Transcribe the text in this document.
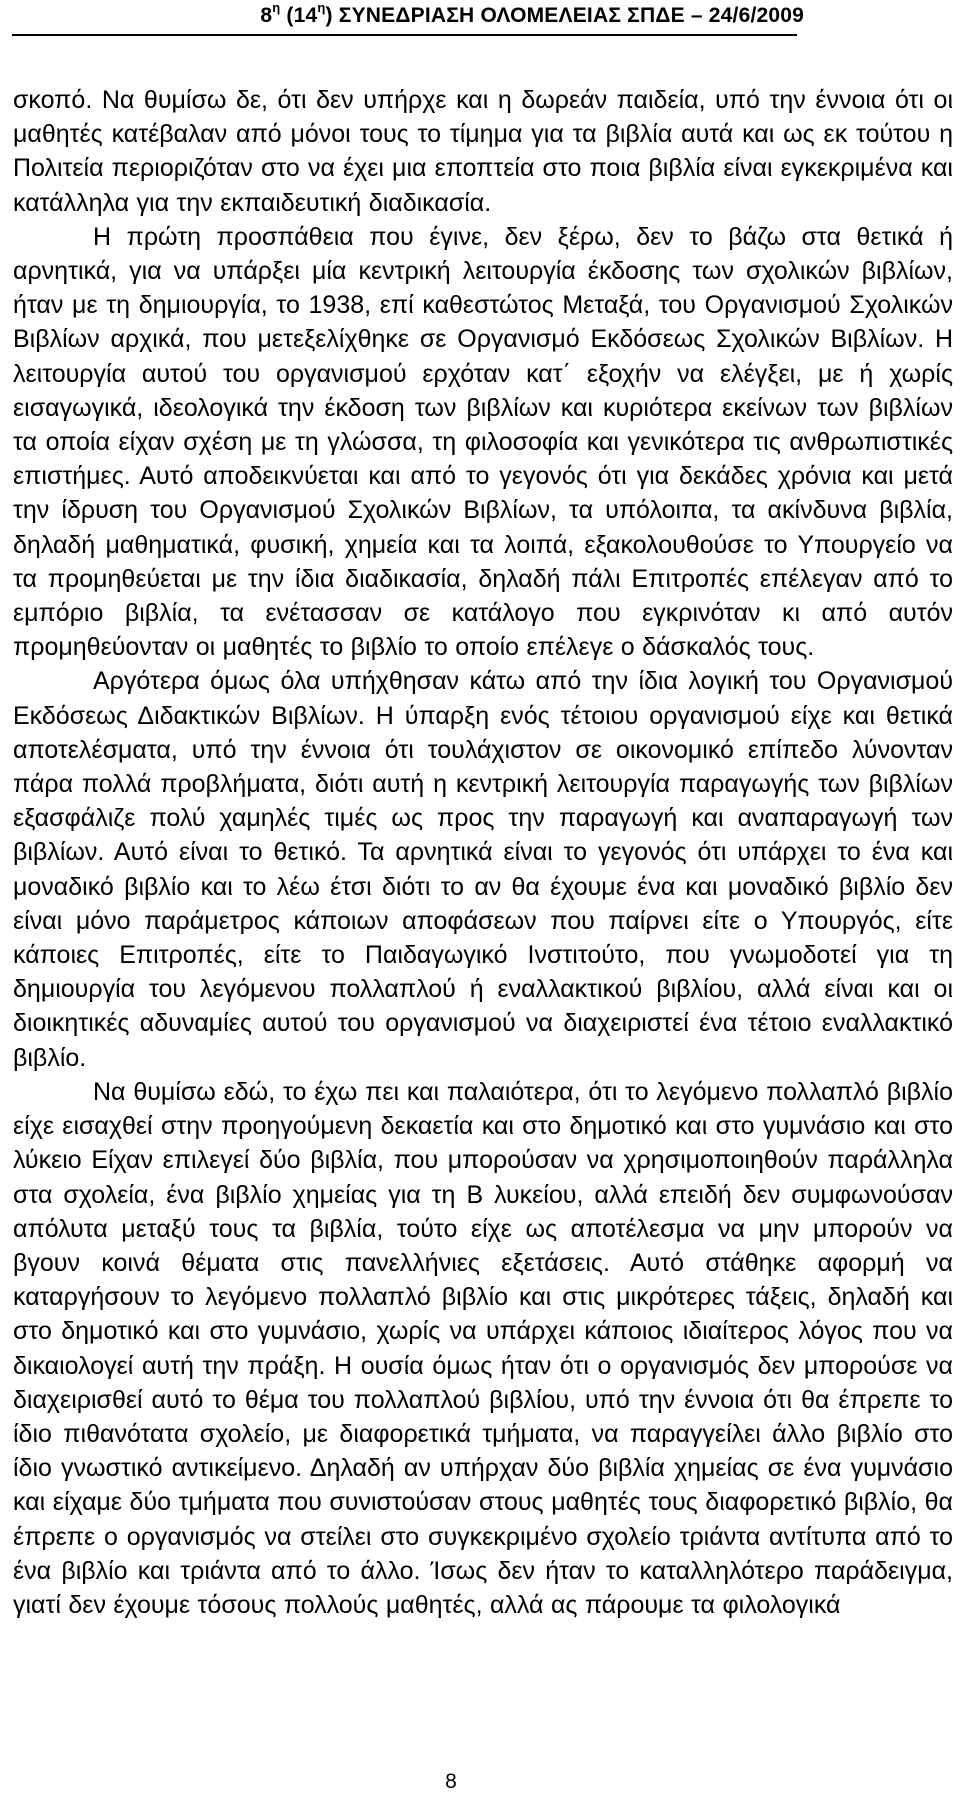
$8^\eta$ $(14^\eta)$ ΣΥΝΕΔΡΙΑΣΗ ΟΛΟΜΕΛΕΙΑΣ ΣΠΔΕ – 24/6/2009

σκοπό. Να θυμίσω δε, ότι δεν υπήρχε και η δωρεάν παιδεία, υπό την έννοια ότι οι μαθητές κατέβαλαν από μόνοι τους το τίμημα για τα βιβλία αυτά και ως εκ τούτου η Πολιτεία περιοριζόταν στο να έχει μια εποπτεία στο ποια βιβλία είναι εγκεκριμένα και κατάλληλα για την εκπαιδευτική διαδικασία.

Η πρώτη προσπάθεια που έγινε, δεν ξέρω, δεν το βάζω στα θετικά ή αρνητικά, για να υπάρξει μία κεντρική λειτουργία έκδοσης των σχολικών βιβλίων, ήταν με τη δημιουργία, το 1938, επί καθεστώτος Μεταξά, του Οργανισμού Σχολικών Βιβλίων αρχικά, που μετεξελίχθηκε σε Οργανισμό Εκδόσεως Σχολικών Βιβλίων. Η λειτουργία αυτού του οργανισμού ερχόταν κατ΄ εξοχήν να ελέγξει, με ή χωρίς εισαγωγικά, ιδεολογικά την έκδοση των βιβλίων και κυριότερα εκείνων των βιβλίων τα οποία είχαν σχέση με τη γλώσσα, τη φιλοσοφία και γενικότερα τις ανθρωπιστικές επιστήμες. Αυτό αποδεικνύεται και από το γεγονός ότι για δεκάδες χρόνια και μετά την ίδρυση του Οργανισμού Σχολικών Βιβλίων, τα υπόλοιπα, τα ακίνδυνα βιβλία, δηλαδή μαθηματικά, φυσική, χημεία και τα λοιπά, εξακολουθούσε το Υπουργείο να τα προμηθεύεται με την ίδια διαδικασία, δηλαδή πάλι Επιτροπές επέλεγαν από το εμπόριο βιβλία, τα ενέτασσαν σε κατάλογο που εγκρινόταν κι από αυτόν προμηθεύονταν οι μαθητές το βιβλίο το οποίο επέλεγε ο δάσκαλός τους.

Αργότερα όμως όλα υπήχθησαν κάτω από την ίδια λογική του Οργανισμού Εκδόσεως Διδακτικών Βιβλίων. Η ύπαρξη ενός τέτοιου οργανισμού είχε και θετικά αποτελέσματα, υπό την έννοια ότι τουλάχιστον σε οικονομικό επίπεδο λύνονταν πάρα πολλά προβλήματα, διότι αυτή η κεντρική λειτουργία παραγωγής των βιβλίων εξασφάλιζε πολύ χαμηλές τιμές ως προς την παραγωγή και αναπαραγωγή των βιβλίων. Αυτό είναι το θετικό. Τα αρνητικά είναι το γεγονός ότι υπάρχει το ένα και μοναδικό βιβλίο και το λέω έτσι διότι το αν θα έχουμε ένα και μοναδικό βιβλίο δεν είναι μόνο παράμετρος κάποιων αποφάσεων που παίρνει είτε ο Υπουργός, είτε κάποιες Επιτροπές, είτε το Παιδαγωγικό Ινστιτούτο, που γνωμοδοτεί για τη δημιουργία του λεγόμενου πολλαπλού ή εναλλακτικού βιβλίου, αλλά είναι και οι διοικητικές αδυναμίες αυτού του οργανισμού να διαχειριστεί ένα τέτοιο εναλλακτικό βιβλίο.

Να θυμίσω εδώ, το έχω πει και παλαιότερα, ότι το λεγόμενο πολλαπλό βιβλίο είχε εισαχθεί στην προηγούμενη δεκαετία και στο δημοτικό και στο γυμνάσιο και στο λύκειο Είχαν επιλεγεί δύο βιβλία, που μπορούσαν να χρησιμοποιηθούν παράλληλα στα σχολεία, ένα βιβλίο χημείας για τη Β λυκείου, αλλά επειδή δεν συμφωνούσαν απόλυτα μεταξύ τους τα βιβλία, τούτο είχε ως αποτέλεσμα να μην μπορούν να βγουν κοινά θέματα στις πανελλήνιες εξετάσεις. Αυτό στάθηκε αφορμή να καταργήσουν το λεγόμενο πολλαπλό βιβλίο και στις μικρότερες τάξεις, δηλαδή και στο δημοτικό και στο γυμνάσιο, χωρίς να υπάρχει κάποιος ιδιαίτερος λόγος που να δικαιολογεί αυτή την πράξη. Η ουσία όμως ήταν ότι ο οργανισμός δεν μπορούσε να διαχειρισθεί αυτό το θέμα του πολλαπλού βιβλίου, υπό την έννοια ότι θα έπρεπε το ίδιο πιθανότατα σχολείο, με διαφορετικά τμήματα, να παραγγείλει άλλο βιβλίο στο ίδιο γνωστικό αντικείμενο. Δηλαδή αν υπήρχαν δύο βιβλία χημείας σε ένα γυμνάσιο και είχαμε δύο τμήματα που συνιστούσαν στους μαθητές τους διαφορετικό βιβλίο, θα έπρεπε ο οργανισμός να στείλει στο συγκεκριμένο σχολείο τριάντα αντίτυπα από το ένα βιβλίο και τριάντα από το άλλο. Ίσως δεν ήταν το καταλληλότερο παράδειγμα, γιατί δεν έχουμε τόσους πολλούς μαθητές, αλλά ας πάρουμε τα φιλολογικά

8
